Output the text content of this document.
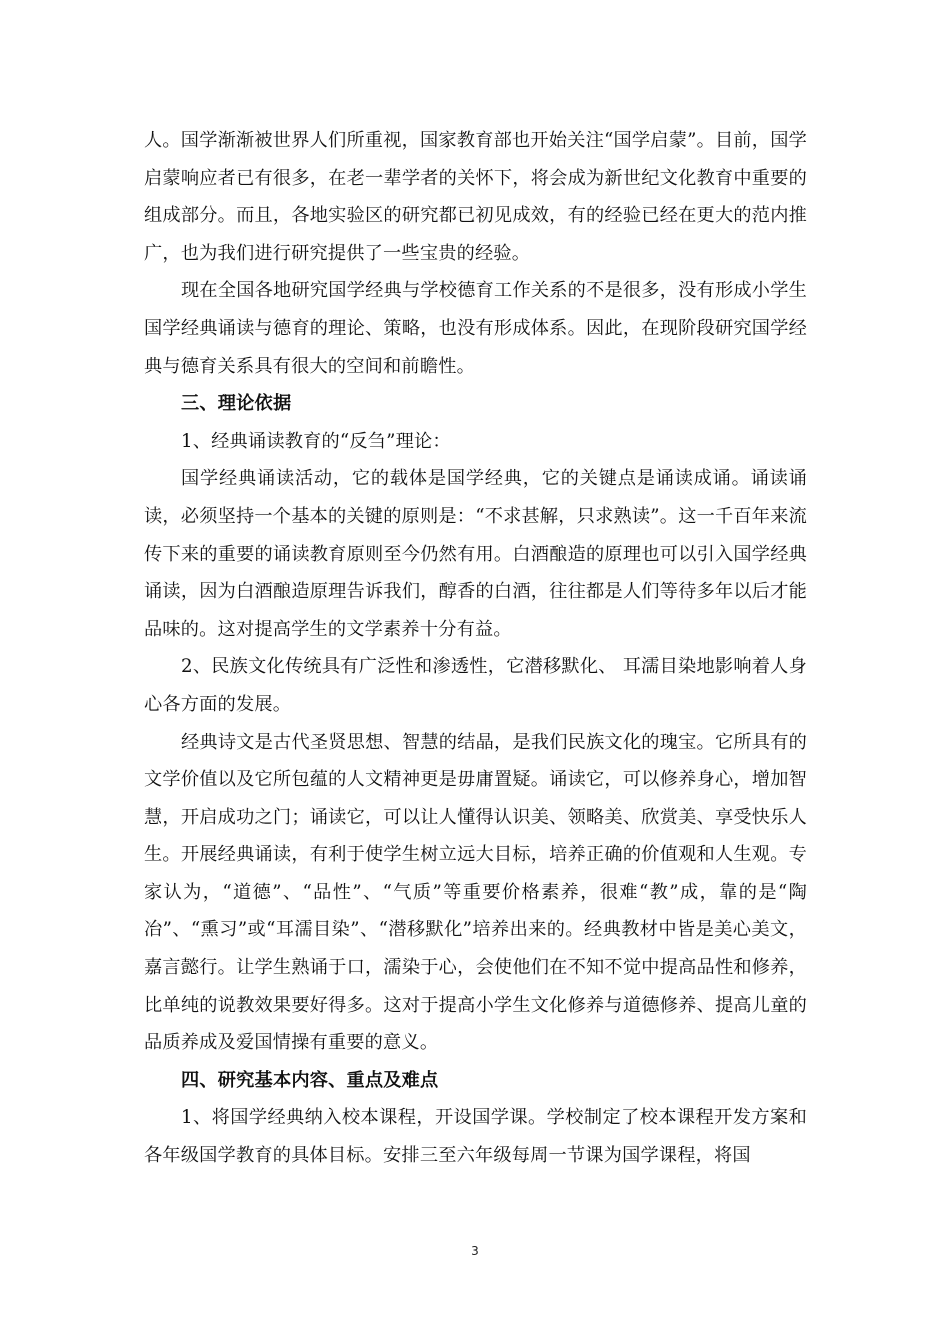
人。国学渐渐被世界人们所重视，国家教育部也开始关注“国学启蒙”。目前，国学启蒙响应者已有很多，在老一辈学者的关怀下，将会成为新世纪文化教育中重要的组成部分。而且，各地实验区的研究都已初见成效，有的经验已经在更大的范内推广，也为我们进行研究提供了一些宝贵的经验。

现在全国各地研究国学经典与学校德育工作关系的不是很多，没有形成小学生国学经典诵读与德育的理论、策略，也没有形成体系。因此，在现阶段研究国学经典与德育关系具有很大的空间和前瞻性。

三、理论依据

1、经典诵读教育的“反刍”理论：

国学经典诵读活动，它的载体是国学经典，它的关键点是诵读成诵。诵读诵读，必须坚持一个基本的关键的原则是：“不求甚解，只求熟读”。这一千百年来流传下来的重要的诵读教育原则至今仍然有用。白酒酿造的原理也可以引入国学经典诵读，因为白酒酿造原理告诉我们，醇香的白酒，往往都是人们等待多年以后才能品味的。这对提高学生的文学素养十分有益。

2、民族文化传统具有广泛性和渗透性，它潜移默化、 耳濡目染地影响着人身心各方面的发展。

经典诗文是古代圣贤思想、智慧的结晶，是我们民族文化的瑰宝。它所具有的文学价值以及它所包蕴的人文精神更是毋庸置疑。诵读它，可以修养身心，增加智慧，开启成功之门；诵读它，可以让人懂得认识美、领略美、欣赏美、享受快乐人生。开展经典诵读，有利于使学生树立远大目标，培养正确的价值观和人生观。专家认为，“道德”、“品性”、“气质”等重要价格素养，很难“教”成，靠的是“陶冶”、“熏习”或“耳濡目染”、“潜移默化”培养出来的。经典教材中皆是美心美文，嘉言懿行。让学生熟诵于口，濡染于心，会使他们在不知不觉中提高品性和修养，比单纯的说教效果要好得多。这对于提高小学生文化修养与道德修养、提高儿童的品质养成及爱国情操有重要的意义。

四、研究基本内容、重点及难点

1、将国学经典纳入校本课程，开设国学课。学校制定了校本课程开发方案和各年级国学教育的具体目标。安排三至六年级每周一节课为国学课程，将国

3
